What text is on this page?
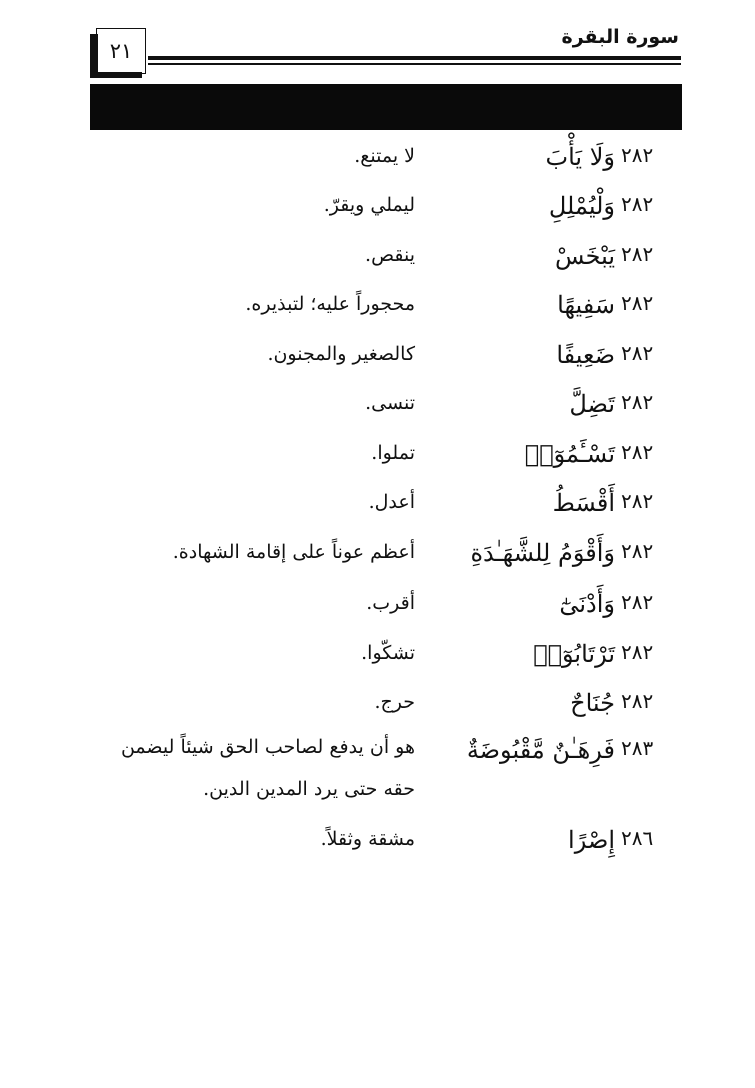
٢١
سورة البقرة
٢٨٢
وَلَا يَأْبَ
لا يمتنع.
٢٨٢
وَلْيُمْلِلِ
ليملي ويقرّ.
٢٨٢
يَبْخَسْ
ينقص.
٢٨٢
سَفِيهًا
محجوراً عليه؛ لتبذيره.
٢٨٢
ضَعِيفًا
كالصغير والمجنون.
٢٨٢
تَضِلَّ
تنسى.
٢٨٢
تَسْـَٔمُوٓا۟
تملوا.
٢٨٢
أَقْسَطُ
أعدل.
٢٨٢
وَأَقْوَمُ لِلشَّهَـٰدَةِ
أعظم عوناً على إقامة الشهادة.
٢٨٢
وَأَدْنَىٰٓ
أقرب.
٢٨٢
تَرْتَابُوٓا۟
تشكّوا.
٢٨٢
جُنَاحٌ
حرج.
٢٨٣
فَرِهَـٰنٌ مَّقْبُوضَةٌ
هو أن يدفع لصاحب الحق شيئاً ليضمن حقه حتى يرد المدين الدين.
٢٨٦
إِصْرًا
مشقة وثقلاً.
